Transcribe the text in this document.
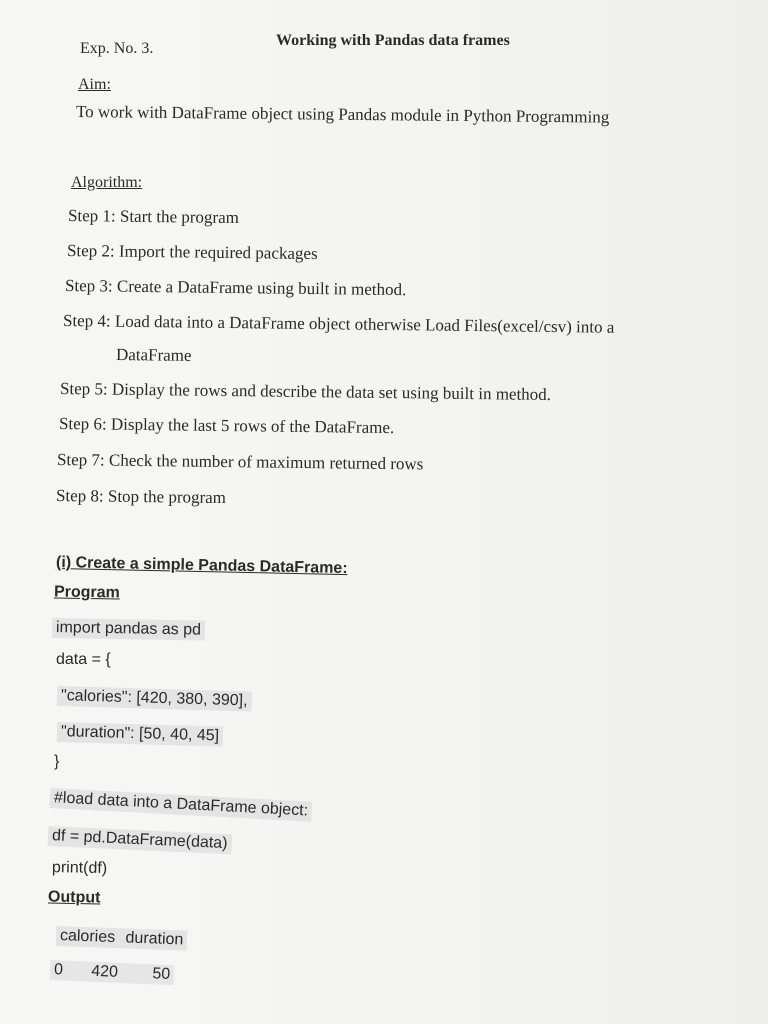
Exp. No. 3.	Working with Pandas data frames
Aim:
To work with DataFrame object using Pandas module in Python Programming
Algorithm:
Step 1: Start the program
Step 2: Import the required packages
Step 3: Create a DataFrame using built in method.
Step 4: Load data into a DataFrame object otherwise Load Files(excel/csv) into a
DataFrame
Step 5: Display the rows and describe the data set using built in method.
Step 6: Display the last 5 rows of the DataFrame.
Step 7: Check the number of maximum returned rows
Step 8: Stop the program
(i) Create a simple Pandas DataFrame:
Program
import pandas as pd
data = {
"calories": [420, 380, 390],
"duration": [50, 40, 45]
}
#load data into a DataFrame object:
df = pd.DataFrame(data)
print(df)
Output
calories duration
0 420 50
